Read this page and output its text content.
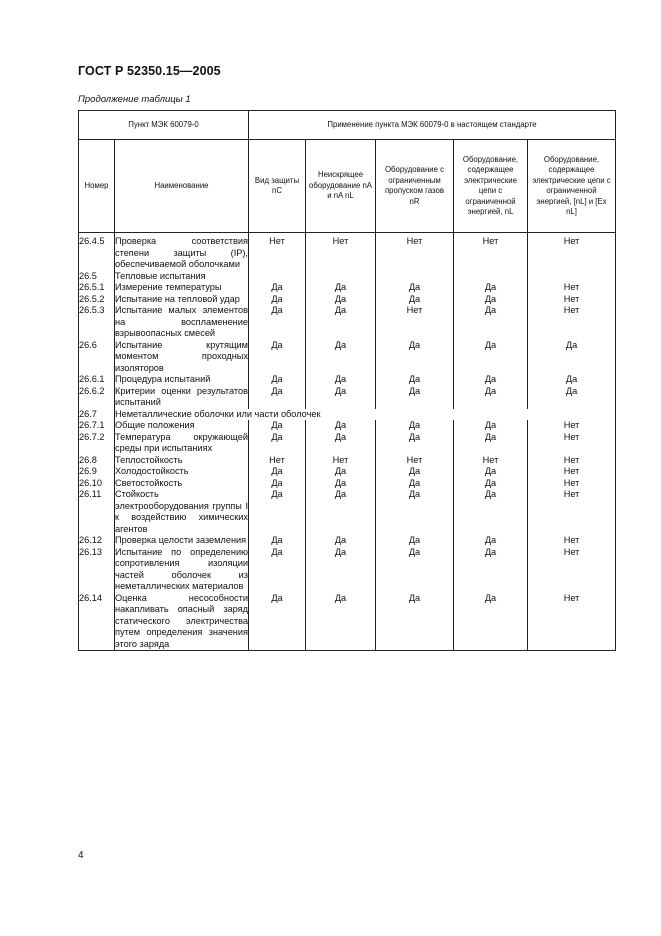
ГОСТ Р 52350.15—2005
Продолжение таблицы 1
Пункт МЭК 60079-0		Применение пункта МЭК 60079-0 в настоящем стандарте				
Номер	Наименование	Вид защиты nC	Неискрящее оборудование nA и nA nL	Оборудование с ограниченным пропуском газов nR	Оборудование, содержащее электрические цепи с ограниченной энергией, nL	Оборудование, содержащее электрические цепи с ограниченной энергией, [nL] и [Ex nL]
26.4.5	Проверка соответствия степени защиты (IP), обеспечиваемой оболочками	Нет	Нет	Нет	Нет	Нет
26.5	Тепловые испытания					
26.5.1	Измерение температуры	Да	Да	Да	Да	Нет
26.5.2	Испытание на тепловой удар	Да	Да	Да	Да	Нет
26.5.3	Испытание малых элементов на воспламенение взрывоопасных смесей	Да	Да	Нет	Да	Нет
26.6	Испытание крутящим моментом проходных изоляторов	Да	Да	Да	Да	Да
26.6.1	Процедура испытаний	Да	Да	Да	Да	Да
26.6.2	Критерии оценки результатов испытаний	Да	Да	Да	Да	Да
26.7	Неметаллические оболочки или части оболочек					
26.7.1	Общие положения	Да	Да	Да	Да	Нет
26.7.2	Температура окружающей среды при испытаниях	Да	Да	Да	Да	Нет
26.8	Теплостойкость	Нет	Нет	Нет	Нет	Нет
26.9	Холодостойкость	Да	Да	Да	Да	Нет
26.10	Светостойкость	Да	Да	Да	Да	Нет
26.11	Стойкость электрооборудования группы I к воздействию химических агентов	Да	Да	Да	Да	Нет
26.12	Проверка целости заземления	Да	Да	Да	Да	Нет
26.13	Испытание по определению сопротивления изоляции частей оболочек из неметаллических материалов	Да	Да	Да	Да	Нет
26.14	Оценка несособности накапливать опасный заряд статического электричества путем определения значения этого заряда	Да	Да	Да	Да	Нет
4
